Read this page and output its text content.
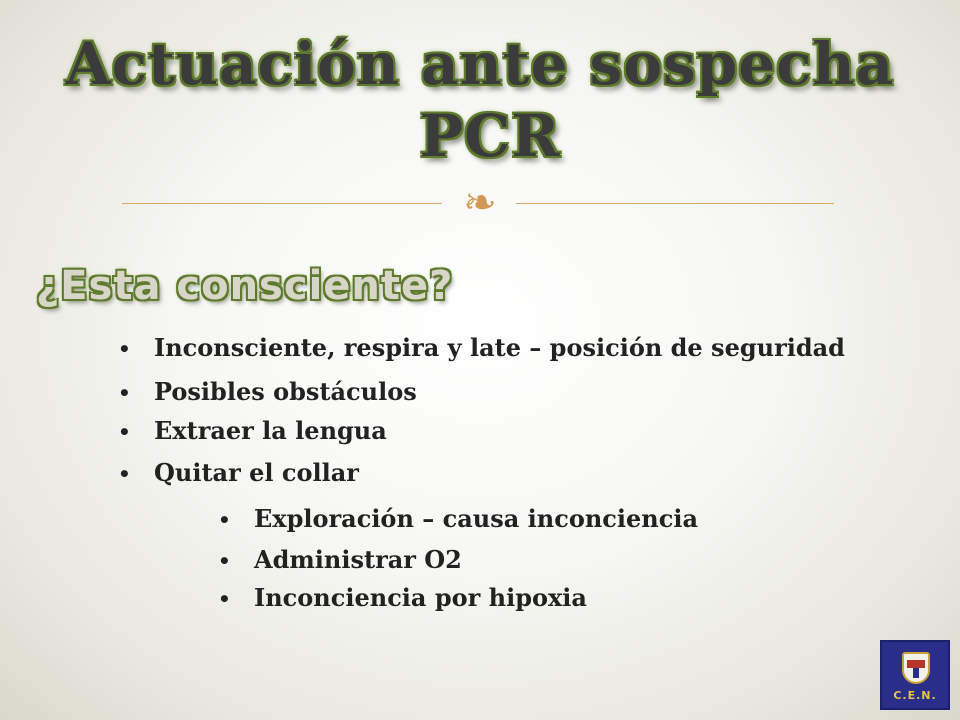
Actuación ante sospecha
PCR
❧
¿Esta consciente?
• Inconsciente, respira y late – posición de seguridad
• Posibles obstáculos
• Extraer la lengua
• Quitar el collar
• Exploración – causa inconciencia
• Administrar O2
• Inconciencia por hipoxia
C.E.N.
